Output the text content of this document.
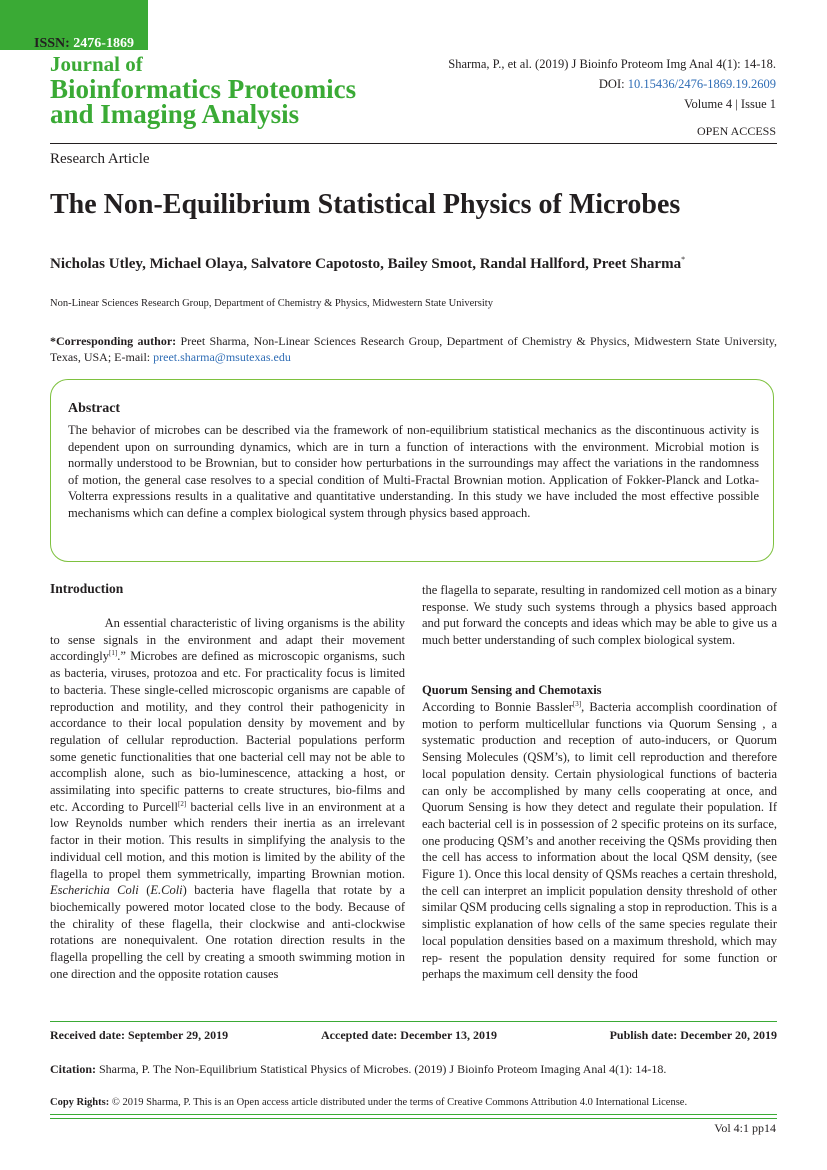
ISSN: 2476-1869
Journal of
Bioinformatics Proteomics
and Imaging Analysis
Sharma, P., et al. (2019) J Bioinfo Proteom Img Anal 4(1): 14-18.
DOI: 10.15436/2476-1869.19.2609
Volume 4 | Issue 1
OPEN ACCESS
Research Article
The Non-Equilibrium Statistical Physics of Microbes
Nicholas Utley, Michael Olaya, Salvatore Capotosto, Bailey Smoot, Randal Hallford, Preet Sharma*
Non-Linear Sciences Research Group, Department of Chemistry & Physics, Midwestern State University
*Corresponding author: Preet Sharma, Non-Linear Sciences Research Group, Department of Chemistry & Physics, Midwestern State University, Texas, USA; E-mail: preet.sharma@msutexas.edu
Abstract
The behavior of microbes can be described via the framework of non-equilibrium statistical mechanics as the discontinuous activity is dependent upon on surrounding dynamics, which are in turn a function of interactions with the environment. Microbial motion is normally understood to be Brownian, but to consider how perturbations in the surroundings may affect the variations in the randomness of motion, the general case resolves to a special condition of Multi-Fractal Brownian motion. Application of Fokker-Planck and Lotka- Volterra expressions results in a qualitative and quantitative understanding. In this study we have included the most effective possible mechanisms which can define a complex biological system through physics based approach.
Introduction

An essential characteristic of living organisms is the ability to sense signals in the environment and adapt their movement accordingly[1].” Microbes are defined as microscopic organisms, such as bacteria, viruses, protozoa and etc. For practicality focus is limited to bacteria. These single-celled microscopic organisms are capable of reproduction and motility, and they control their pathogenicity in accordance to their local population density by movement and by regulation of cellular reproduction. Bacterial populations perform some genetic functionalities that one bacterial cell may not be able to accomplish alone, such as bio-luminescence, attacking a host, or assimilating into specific patterns to create structures, bio-films and etc. According to Purcell[2] bacterial cells live in an environment at a low Reynolds number which renders their inertia as an irrelevant factor in their motion. This results in simplifying the analysis to the individual cell motion, and this motion is limited by the ability of the flagella to propel them symmetrically, imparting Brownian motion. Escherichia Coli (E.Coli) bacteria have flagella that rotate by a biochemically powered motor located close to the body. Because of the chirality of these flagella, their clockwise and anti-clockwise rotations are nonequivalent. One rotation direction results in the flagella propelling the cell by creating a smooth swimming motion in one direction and the opposite rotation causes

the flagella to separate, resulting in randomized cell motion as a binary response. We study such systems through a physics based approach and put forward the concepts and ideas which may be able to give us a much better understanding of such complex biological system.
Quorum Sensing and Chemotaxis

According to Bonnie Bassler[3], Bacteria accomplish coordination of motion to perform multicellular functions via Quorum Sensing , a systematic production and reception of auto-inducers, or Quorum Sensing Molecules (QSM’s), to limit cell reproduction and therefore local population density. Certain physiological functions of bacteria can only be accomplished by many cells cooperating at once, and Quorum Sensing is how they detect and regulate their population. If each bacterial cell is in possession of 2 specific proteins on its surface, one producing QSM’s and another receiving the QSMs providing then the cell has access to information about the local QSM density, (see Figure 1). Once this local density of QSMs reaches a certain threshold, the cell can interpret an implicit population density threshold of other similar QSM producing cells signaling a stop in reproduction. This is a simplistic explanation of how cells of the same species regulate their local population densities based on a maximum threshold, which may rep- resent the population density required for some function or perhaps the maximum cell density the food

Received date: September 29, 2019	Accepted date: December 13, 2019	Publish date: December 20, 2019
Citation: Sharma, P. The Non-Equilibrium Statistical Physics of Microbes. (2019) J Bioinfo Proteom Imaging Anal 4(1): 14-18.
Copy Rights: © 2019 Sharma, P. This is an Open access article distributed under the terms of Creative Commons Attribution 4.0 International License.
Vol 4:1 pp14
